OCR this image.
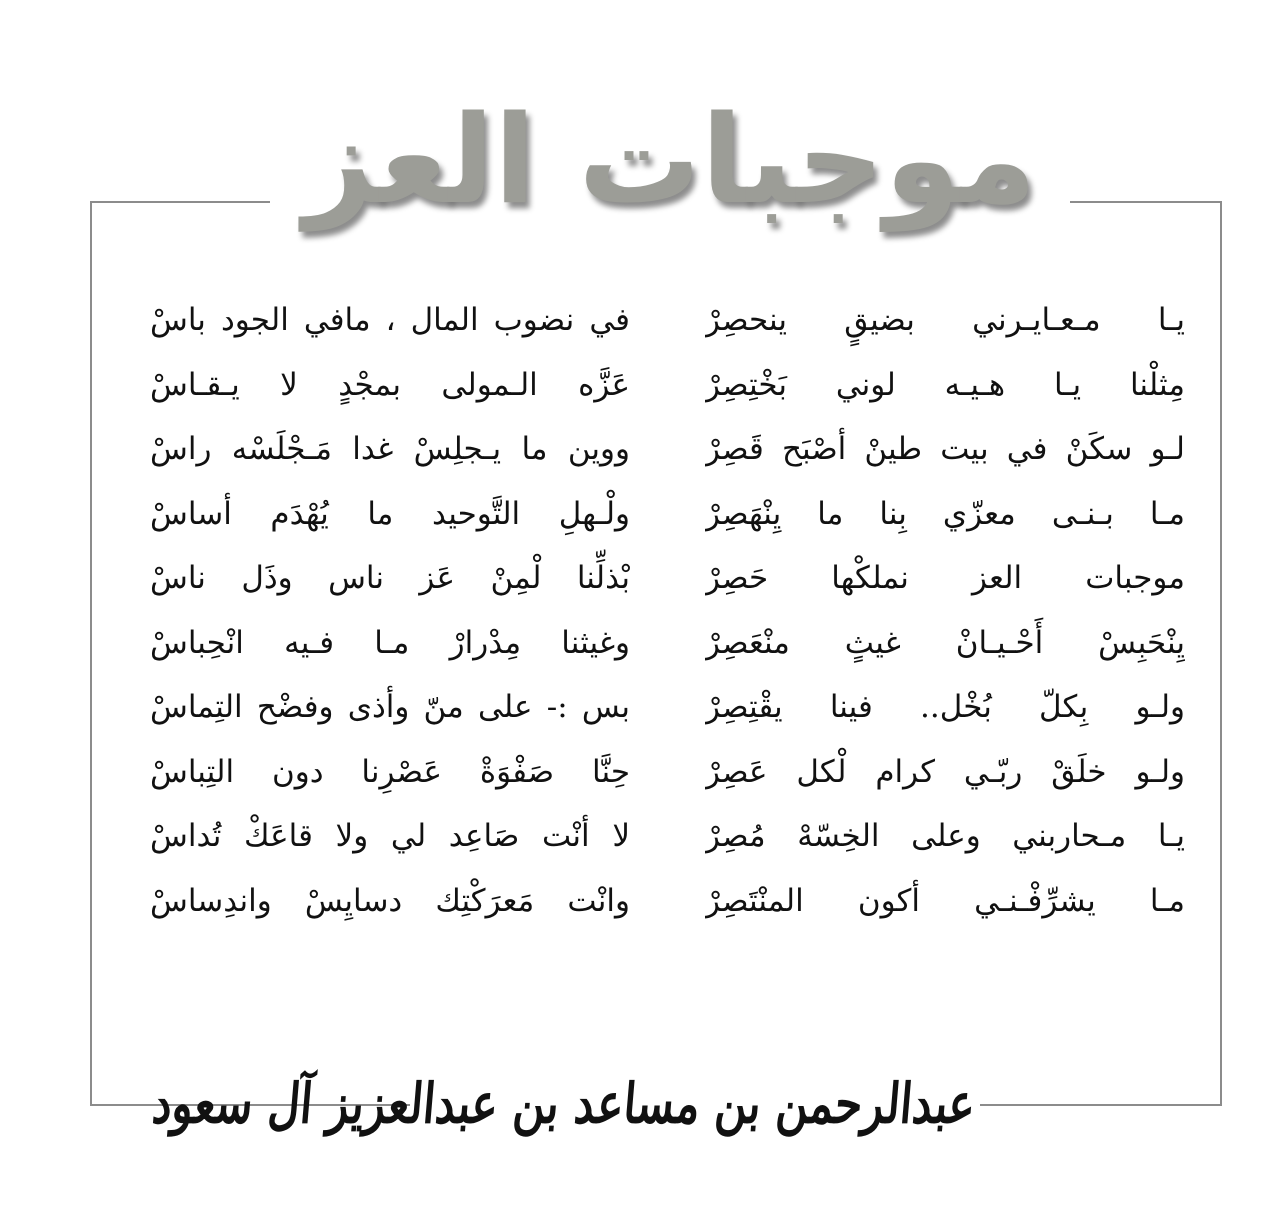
موجبات العز
يـا مـعـايـرني بضيقٍ ينحصِرْ
مِثلْنا يـا هـيـه لوني بَخْتِصِرْ
لـو سكَنْ في بيت طينْ أصْبَح قَصِرْ
مـا بـنـى معزّي بِنا ما يِنْهَصِرْ
موجبات العز نملكْها حَصِرْ
يِنْحَبِسْ أَحْـيـانْ غيثٍ منْعَصِرْ
ولـو بِكلّ بُخْل.. فينا يقْتِصِرْ
ولـو خلَقْ ربّـي كرام لْكل عَصِرْ
يـا مـحاربني وعلى الخِسّهْ مُصِرْ
مـا يشرِّفْـنـي أكون المنْتَصِرْ
في نضوب المال ، مافي الجود باسْ
عَزَّه الـمولى بمجْدٍ لا يـقـاسْ
ووين ما يـجلِسْ غدا مَـجْلَسْه راسْ
ولْـهلِ التَّوحيد ما يُهْدَم أساسْ
بْذلِّنا لْمِنْ عَز ناس وذَل ناسْ
وغيثنا مِدْرارْ مـا فـيه انْحِباسْ
بس :- على منّ وأذى وفضْح التِماسْ
حِنَّا صَفْوَةْ عَصْرِنا دون التِباسْ
لا أنْت صَاعِد لي ولا قاعَكْ تُداسْ
وانْت مَعرَكْتِك دسايِسْ واندِساسْ
عبدالرحمن بن مساعد بن عبدالعزيز آل سعود
